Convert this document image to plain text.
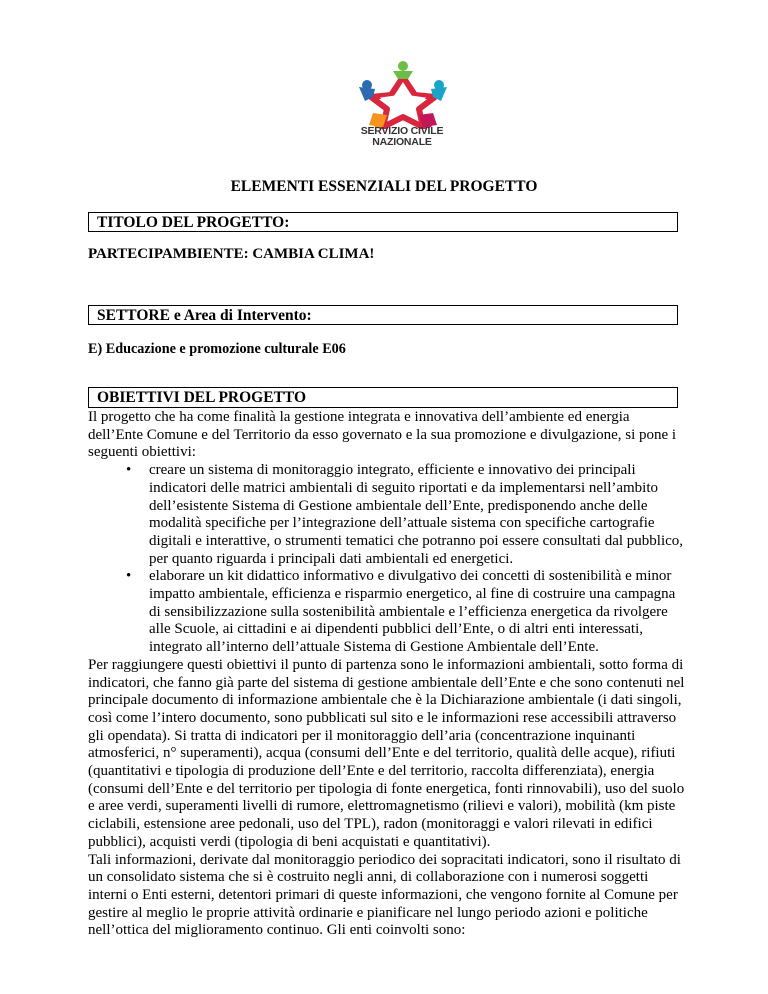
SERVIZIO CIVILE
NAZIONALE
ELEMENTI ESSENZIALI DEL PROGETTO
TITOLO DEL PROGETTO:
PARTECIPAMBIENTE: CAMBIA CLIMA!
SETTORE e Area di Intervento:
E) Educazione e promozione culturale E06
OBIETTIVI DEL PROGETTO

Il progetto che ha come finalità la gestione integrata e innovativa dell’ambiente ed energia dell’Ente Comune e del Territorio da esso governato e la sua promozione e divulgazione, si pone i seguenti obiettivi:

• creare un sistema di monitoraggio integrato, efficiente e innovativo dei principali indicatori delle matrici ambientali di seguito riportati e da implementarsi nell’ambito dell’esistente Sistema di Gestione ambientale dell’Ente, predisponendo anche delle modalità specifiche per l’integrazione dell’attuale sistema con specifiche cartografie digitali e interattive, o strumenti tematici che potranno poi essere consultati dal pubblico, per quanto riguarda i principali dati ambientali ed energetici.
• elaborare un kit didattico informativo e divulgativo dei concetti di sostenibilità e minor impatto ambientale, efficienza e risparmio energetico, al fine di costruire una campagna di sensibilizzazione sulla sostenibilità ambientale e l’efficienza energetica da rivolgere alle Scuole, ai cittadini e ai dipendenti pubblici dell’Ente, o di altri enti interessati, integrato all’interno dell’attuale Sistema di Gestione Ambientale dell’Ente.

Per raggiungere questi obiettivi il punto di partenza sono le informazioni ambientali, sotto forma di indicatori, che fanno già parte del sistema di gestione ambientale dell’Ente e che sono contenuti nel principale documento di informazione ambientale che è la Dichiarazione ambientale (i dati singoli, così come l’intero documento, sono pubblicati sul sito e le informazioni rese accessibili attraverso gli opendata). Si tratta di indicatori per il monitoraggio dell’aria (concentrazione inquinanti atmosferici, n° superamenti), acqua (consumi dell’Ente e del territorio, qualità delle acque), rifiuti (quantitativi e tipologia di produzione dell’Ente e del territorio, raccolta differenziata), energia (consumi dell’Ente e del territorio per tipologia di fonte energetica, fonti rinnovabili), uso del suolo e aree verdi, superamenti livelli di rumore, elettromagnetismo (rilievi e valori), mobilità (km piste ciclabili, estensione aree pedonali, uso del TPL), radon (monitoraggi e valori rilevati in edifici pubblici), acquisti verdi (tipologia di beni acquistati e quantitativi).

Tali informazioni, derivate dal monitoraggio periodico dei sopracitati indicatori, sono il risultato di un consolidato sistema che si è costruito negli anni, di collaborazione con i numerosi soggetti interni o Enti esterni, detentori primari di queste informazioni, che vengono fornite al Comune per gestire al meglio le proprie attività ordinarie e pianificare nel lungo periodo azioni e politiche nell’ottica del miglioramento continuo. Gli enti coinvolti sono:
